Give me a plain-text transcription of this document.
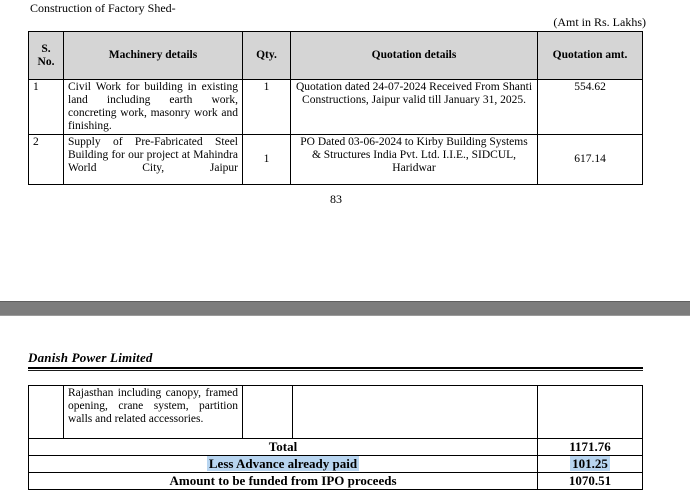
Construction of Factory Shed-
(Amt in Rs. Lakhs)
S. No.	Machinery details	Qty.	Quotation details	Quotation amt.
1	Civil Work for building in existing land including earth work, concreting work, masonry work and finishing.	1	Quotation dated 24-07-2024 Received From Shanti Constructions, Jaipur valid till January 31, 2025.	554.62
2	Supply of Pre-Fabricated Steel Building for our project at Mahindra World City, Jaipur	1	PO Dated 03-06-2024 to Kirby Building Systems & Structures India Pvt. Ltd. I.I.E., SIDCUL, Haridwar	617.14
83
Danish Power Limited
	Rajasthan including canopy, framed opening, crane system, partition walls and related accessories.			
Total				1171.76
Less Advance already paid				101.25
Amount to be funded from IPO proceeds				1070.51
